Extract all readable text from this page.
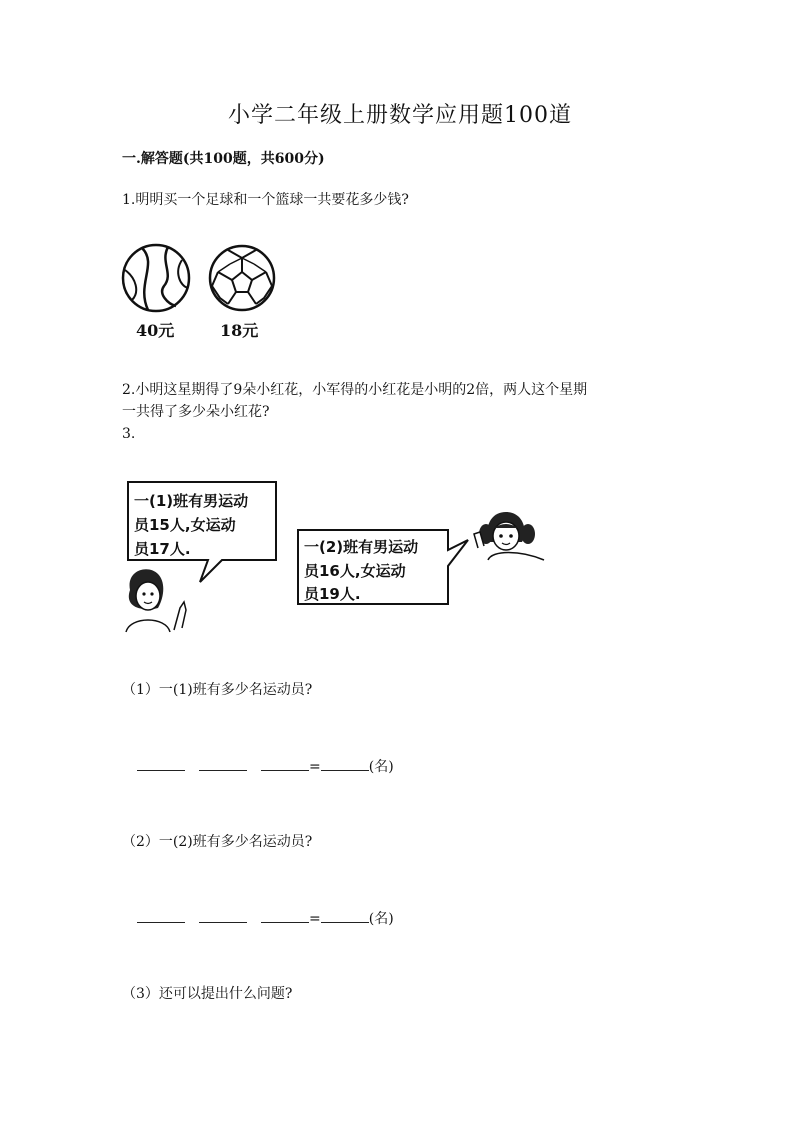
小学二年级上册数学应用题100道
一.解答题(共100题，共600分)
1.明明买一个足球和一个篮球一共要花多少钱?
40元	18元
2.小明这星期得了9朵小红花，小军得的小红花是小明的2倍，两人这个星期
一共得了多少朵小红花?
3.
一(1)班有男运动
员15人,女运动
员17人.	一(2)班有男运动
员16人,女运动
员19人.
（1）一(1)班有多少名运动员?
=	(名)
（2）一(2)班有多少名运动员?
=	(名)
（3）还可以提出什么问题?
